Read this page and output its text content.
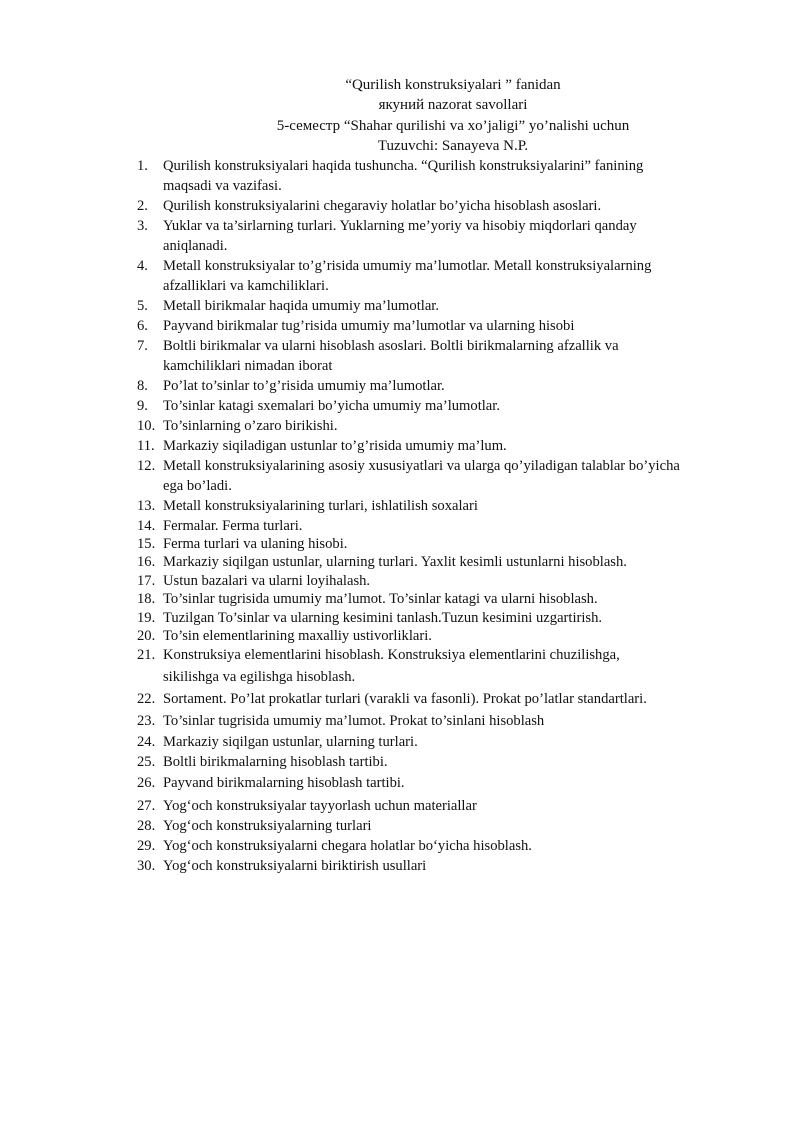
“Qurilish konstruksiyalari ” fanidan
якуний nazorat savollari
5-семестр “Shahar qurilishi va xo’jaligi” yo’nalishi uchun
Tuzuvchi: Sanayeva N.P.
1. Qurilish konstruksiyalari haqida tushuncha. “Qurilish konstruksiyalarini” fanining
maqsadi va vazifasi.
2. Qurilish konstruksiyalarini chegaraviy holatlar bo’yicha hisoblash asoslari.
3. Yuklar va ta’sirlarning turlari. Yuklarning me’yoriy va hisobiy miqdorlari qanday
aniqlanadi.
4. Metall konstruksiyalar to’g’risida umumiy ma’lumotlar. Metall konstruksiyalarning
afzalliklari va kamchiliklari.
5. Metall birikmalar haqida umumiy ma’lumotlar.
6. Payvand birikmalar tug’risida umumiy ma’lumotlar va ularning hisobi
7. Boltli birikmalar va ularni hisoblash asoslari. Boltli birikmalarning afzallik va
kamchiliklari nimadan iborat
8. Po’lat to’sinlar to’g’risida umumiy ma’lumotlar.
9. To’sinlar katagi sxemalari bo’yicha umumiy ma’lumotlar.
10. To’sinlarning o’zaro birikishi.
11. Markaziy siqiladigan ustunlar to’g’risida umumiy ma’lum.
12. Metall konstruksiyalarining asosiy xususiyatlari va ularga qo’yiladigan talablar bo’yicha
ega bo’ladi.
13. Metall konstruksiyalarining turlari, ishlatilish soxalari
14. Fermalar. Ferma turlari.
15. Ferma turlari va ulaning hisobi.
16. Markaziy siqilgan ustunlar, ularning turlari. Yaxlit kesimli ustunlarni hisoblash.
17. Ustun bazalari va ularni loyihalash.
18. To’sinlar tugrisida umumiy ma’lumot. To’sinlar katagi va ularni hisoblash.
19. Tuzilgan To’sinlar va ularning kesimini tanlash.Tuzun kesimini uzgartirish.
20. To’sin elementlarining maxalliy ustivorliklari.
21. Konstruksiya elementlarini hisoblash. Konstruksiya elementlarini chuzilishga,
sikilishga va egilishga hisoblash.
22. Sortament. Po’lat prokatlar turlari (varakli va fasonli). Prokat po’latlar standartlari.
23. To’sinlar tugrisida umumiy ma’lumot. Prokat to’sinlani hisoblash
24. Markaziy siqilgan ustunlar, ularning turlari.
25. Boltli birikmalarning hisoblash tartibi.
26. Payvand birikmalarning hisoblash tartibi.
27. Yog‘och konstruksiyalar tayyorlash uchun materiallar
28. Yog‘och konstruksiyalarning turlari
29. Yog‘och konstruksiyalarni chegara holatlar bo‘yicha hisoblash.
30. Yog‘och konstruksiyalarni biriktirish usullari
